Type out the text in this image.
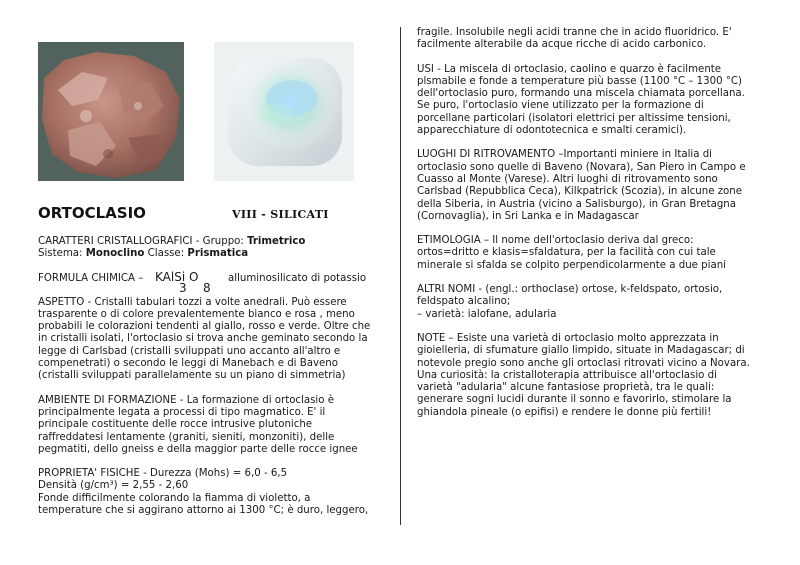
ORTOCLASIO	VIII - SILICATI

CARATTERI CRISTALLOGRAFICI - Gruppo: Trimetrico

Sistema: Monoclino Classe: Prismatica

FORMULA CHIMICA – KAlSi O
3 8
alluminosilicato di potassio

ASPETTO - Cristalli tabulari tozzi a volte anedrali. Può essere
trasparente o di colore prevalentemente bianco e rosa , meno
probabili le colorazioni tendenti al giallo, rosso e verde. Oltre che
in cristalli isolati, l'ortoclasio si trova anche geminato secondo la
legge di Carlsbad (cristalli sviluppati uno accanto all'altro e
compenetrati) o secondo le leggi di Manebach e di Baveno
(cristalli sviluppati parallelamente su un piano di simmetria)

AMBIENTE DI FORMAZIONE - La formazione di ortoclasio è
principalmente legata a processi di tipo magmatico. E' il
principale costituente delle rocce intrusive plutoniche
raffreddatesi lentamente (graniti, sieniti, monzoniti), delle
pegmatiti, dello gneiss e della maggior parte delle rocce ignee

PROPRIETA' FISICHE - Durezza (Mohs) = 6,0 - 6,5
Densità (g/cm³) = 2,55 - 2,60
Fonde difficilmente colorando la fiamma di violetto, a
temperature che si aggirano attorno ai 1300 °C; è duro, leggero,

fragile. Insolubile negli acidi tranne che in acido fluoridrico. E'
facilmente alterabile da acque ricche di acido carbonico.

USI - La miscela di ortoclasio, caolino e quarzo è facilmente
plsmabile e fonde a temperature più basse (1100 °C – 1300 °C)
dell'ortoclasio puro, formando una miscela chiamata porcellana.
Se puro, l'ortoclasio viene utilizzato per la formazione di
porcellane particolari (isolatori elettrici per altissime tensioni,
apparecchiature di odontotecnica e smalti ceramici).

LUOGHI DI RITROVAMENTO –Importanti miniere in Italia di
ortoclasio sono quelle di Baveno (Novara), San Piero in Campo e
Cuasso al Monte (Varese). Altri luoghi di ritrovamento sono
Carlsbad (Repubblica Ceca), Kilkpatrick (Scozia), in alcune zone
della Siberia, in Austria (vicino a Salisburgo), in Gran Bretagna
(Cornovaglia), in Sri Lanka e in Madagascar

ETIMOLOGIA – Il nome dell'ortoclasio deriva dal greco:
ortos=dritto e klasis=sfaldatura, per la facilità con cui tale
minerale si sfalda se colpito perpendicolarmente a due piani

ALTRI NOMI - (engl.: orthoclase) ortose, k-feldspato, ortosio,
feldspato alcalino;
– varietà: ialofane, adularia

NOTE – Esiste una varietà di ortoclasio molto apprezzata in
gioielleria, di sfumature giallo limpido, situate in Madagascar; di
notevole pregio sono anche gli ortoclasi ritrovati vicino a Novara.
Una curiosità: la cristalloterapia attribuisce all'ortoclasio di
varietà "adularia" alcune fantasiose proprietà, tra le quali:
generare sogni lucidi durante il sonno e favorirlo, stimolare la
ghiandola pineale (o epifisi) e rendere le donne più fertili!
